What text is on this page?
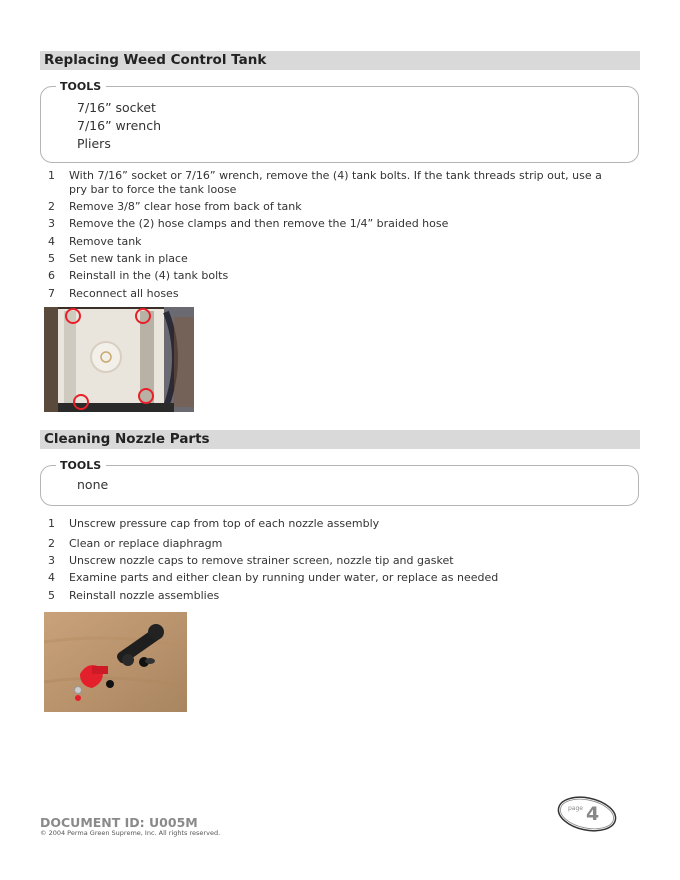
Replacing Weed Control Tank
TOOLS
7/16” socket
7/16” wrench
Pliers
1	With 7/16” socket or 7/16” wrench, remove the (4) tank bolts. If the tank threads strip out, use a pry bar to force the tank loose
2	Remove 3/8” clear hose from back of tank
3	Remove the (2) hose clamps and then remove the 1/4” braided hose
4	Remove tank
5	Set new tank in place
6	Reinstall in the (4) tank bolts
7	Reconnect all hoses
Cleaning Nozzle Parts
TOOLS
none
1	Unscrew pressure cap from top of each nozzle assembly
2	Clean or replace diaphragm
3	Unscrew nozzle caps to remove strainer screen, nozzle tip and gasket
4	Examine parts and either clean by running under water, or replace as needed
5	Reinstall nozzle assemblies
DOCUMENT ID: U005M
© 2004 Perma Green Supreme, Inc. All rights reserved.
page 4
